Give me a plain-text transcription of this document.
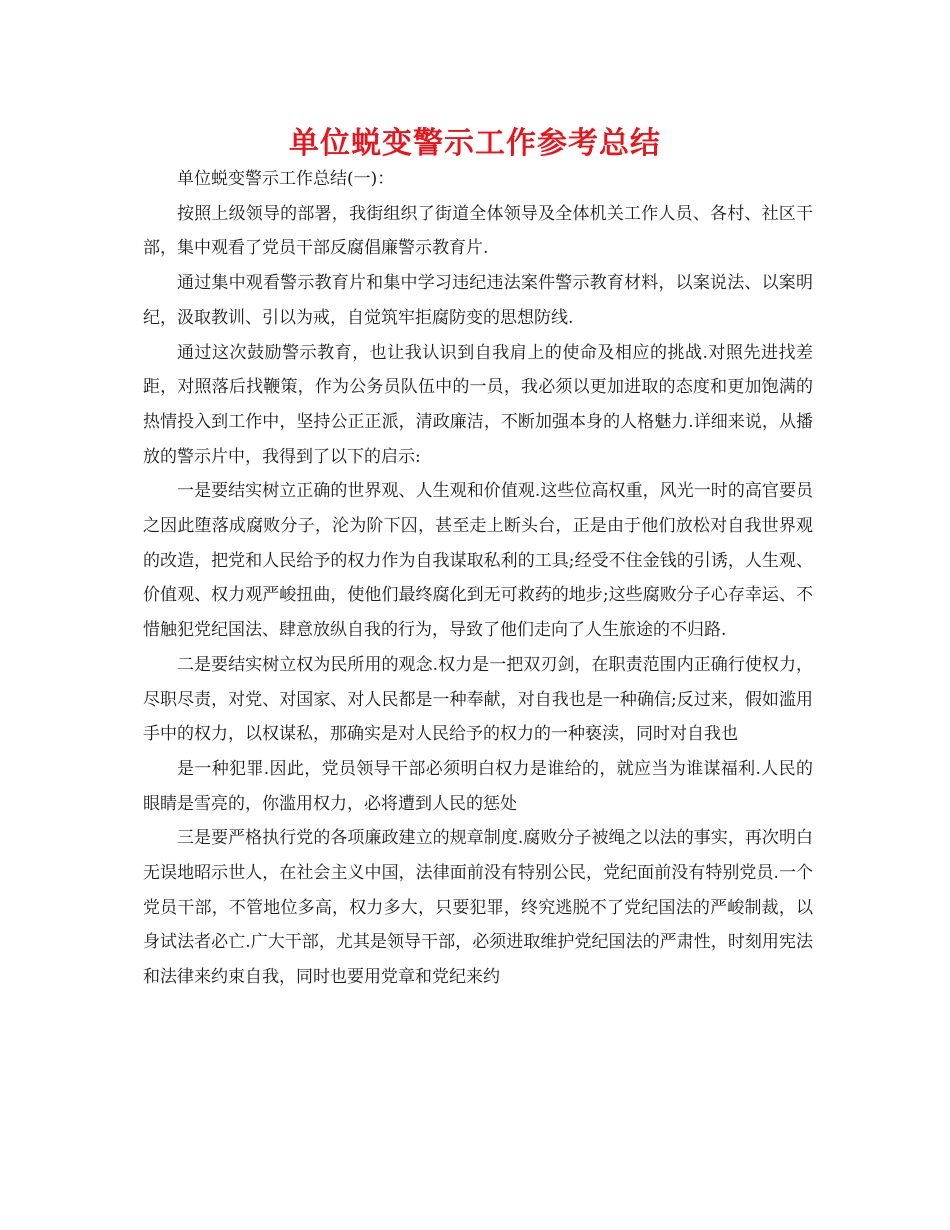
单位蜕变警示工作参考总结

单位蜕变警示工作总结(一)：

按照上级领导的部署，我街组织了街道全体领导及全体机关工作人员、各村、社区干部，集中观看了党员干部反腐倡廉警示教育片.

通过集中观看警示教育片和集中学习违纪违法案件警示教育材料，以案说法、以案明纪，汲取教训、引以为戒，自觉筑牢拒腐防变的思想防线.

通过这次鼓励警示教育，也让我认识到自我肩上的使命及相应的挑战.对照先进找差距，对照落后找鞭策，作为公务员队伍中的一员，我必须以更加进取的态度和更加饱满的热情投入到工作中，坚持公正正派，清政廉洁，不断加强本身的人格魅力.详细来说，从播放的警示片中，我得到了以下的启示:

一是要结实树立正确的世界观、人生观和价值观.这些位高权重，风光一时的高官要员之因此堕落成腐败分子，沦为阶下囚，甚至走上断头台，正是由于他们放松对自我世界观的改造，把党和人民给予的权力作为自我谋取私利的工具;经受不住金钱的引诱，人生观、价值观、权力观严峻扭曲，使他们最终腐化到无可救药的地步;这些腐败分子心存幸运、不惜触犯党纪国法、肆意放纵自我的行为，导致了他们走向了人生旅途的不归路.

二是要结实树立权为民所用的观念.权力是一把双刃剑，在职责范围内正确行使权力，尽职尽责，对党、对国家、对人民都是一种奉献，对自我也是一种确信;反过来，假如滥用手中的权力，以权谋私，那确实是对人民给予的权力的一种亵渎，同时对自我也

是一种犯罪.因此，党员领导干部必须明白权力是谁给的，就应当为谁谋福利.人民的眼睛是雪亮的，你滥用权力，必将遭到人民的惩处

三是要严格执行党的各项廉政建立的规章制度.腐败分子被绳之以法的事实，再次明白无误地昭示世人，在社会主义中国，法律面前没有特别公民，党纪面前没有特别党员.一个党员干部，不管地位多高，权力多大，只要犯罪，终究逃脱不了党纪国法的严峻制裁，以身试法者必亡.广大干部，尤其是领导干部，必须进取维护党纪国法的严肃性，时刻用宪法和法律来约束自我，同时也要用党章和党纪来约
